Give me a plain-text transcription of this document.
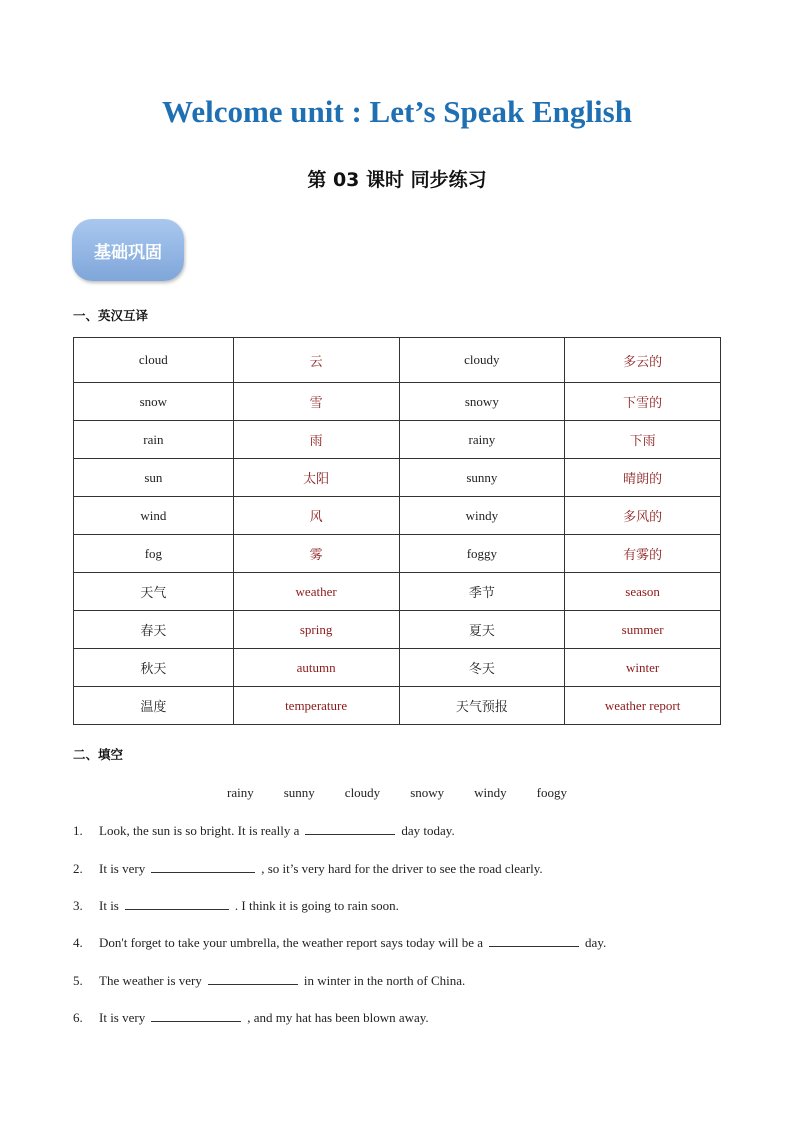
Welcome unit : Let’s Speak English
第 03 课时 同步练习
基础巩固
一、英汉互译
cloud	云	cloudy	多云的
snow	雪	snowy	下雪的
rain	雨	rainy	下雨
sun	太阳	sunny	晴朗的
wind	风	windy	多风的
fog	雾	foggy	有雾的
天气	weather	季节	season
春天	spring	夏天	summer
秋天	autumn	冬天	winter
温度	temperature	天气预报	weather report
二、填空
rainy sunny cloudy snowy windy foogy
1. Look, the sun is so bright. It is really a	day today.
2. It is very	, so it’s very hard for the driver to see the road clearly.
3. It is	. I think it is going to rain soon.
4. Don't forget to take your umbrella, the weather report says today will be a	day.
5. The weather is very	in winter in the north of China.
6. It is very	, and my hat has been blown away.
